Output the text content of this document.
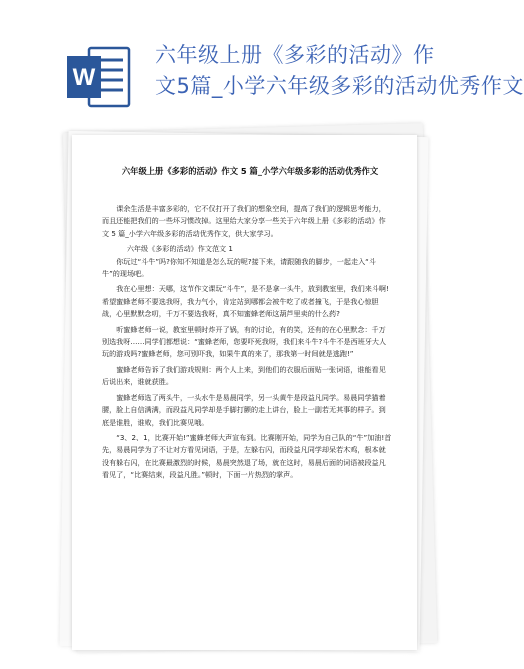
W
六年级上册《多彩的活动》作
文5篇_小学六年级多彩的活动优秀作文
六年级上册《多彩的活动》作文 5 篇_小学六年级多彩的活动优秀作文

课余生活是丰富多彩的，它不仅打开了我们的想象空间，提高了我们的逻辑思考能力，而且还能把我们的一些坏习惯改掉。这里给大家分享一些关于六年级上册《多彩的活动》作文 5 篇_小学六年级多彩的活动优秀作文，供大家学习。

六年级《多彩的活动》作文范文 1

你玩过“斗牛”吗?你知不知道是怎么玩的呢?接下来，请跟随我的脚步，一起走入“斗牛”的现场吧。

我在心里想：天哪，这节作文课玩“斗牛”，是不是拿一头牛，放到教室里，我们来斗啊!希望蜜蜂老师不要选我呀，我力气小，肯定站到哪都会被牛吃了或者撞飞，于是我心惊胆战，心里默默念叨，千万不要选我呀，真不知蜜蜂老师这葫芦里卖的什么药?

听蜜蜂老师一说，教室里顿时炸开了锅，有的讨论，有的笑，还有的在心里默念：千万别选我呀……同学们都想说：“蜜蜂老师，您要吓死我呀，我们来斗牛?斗牛不是西班牙大人玩的游戏吗?蜜蜂老师，您可别吓我，如果牛真的来了，那我第一时间就是逃跑!”

蜜蜂老师告诉了我们游戏规则：两个人上来，到他们的衣服后面贴一张词语，谁能看见后说出来，谁就获胜。

蜜蜂老师选了两头牛，一头水牛是易晨同学，另一头黄牛是段益凡同学。易晨同学猫着腰，脸上自信满满，而段益凡同学却是手脚打颤的走上讲台，脸上一副若无其事的样子。到底是谁胜，谁败，我们比赛见哦。

“3、2、1，比赛开始!”蜜蜂老师大声宣布到。比赛刚开始，同学为自己队的“牛”加油!首先，易晨同学为了不让对方看见词语，于是，左躲右闪，而段益凡同学却呆若木鸡，根本就没有躲右闪，在比赛最激烈的时候，易晨突然退了场，就在这时，易晨后面的词语被段益凡看见了，“比赛结束，段益凡胜。”顿时，下面一片热烈的掌声。
